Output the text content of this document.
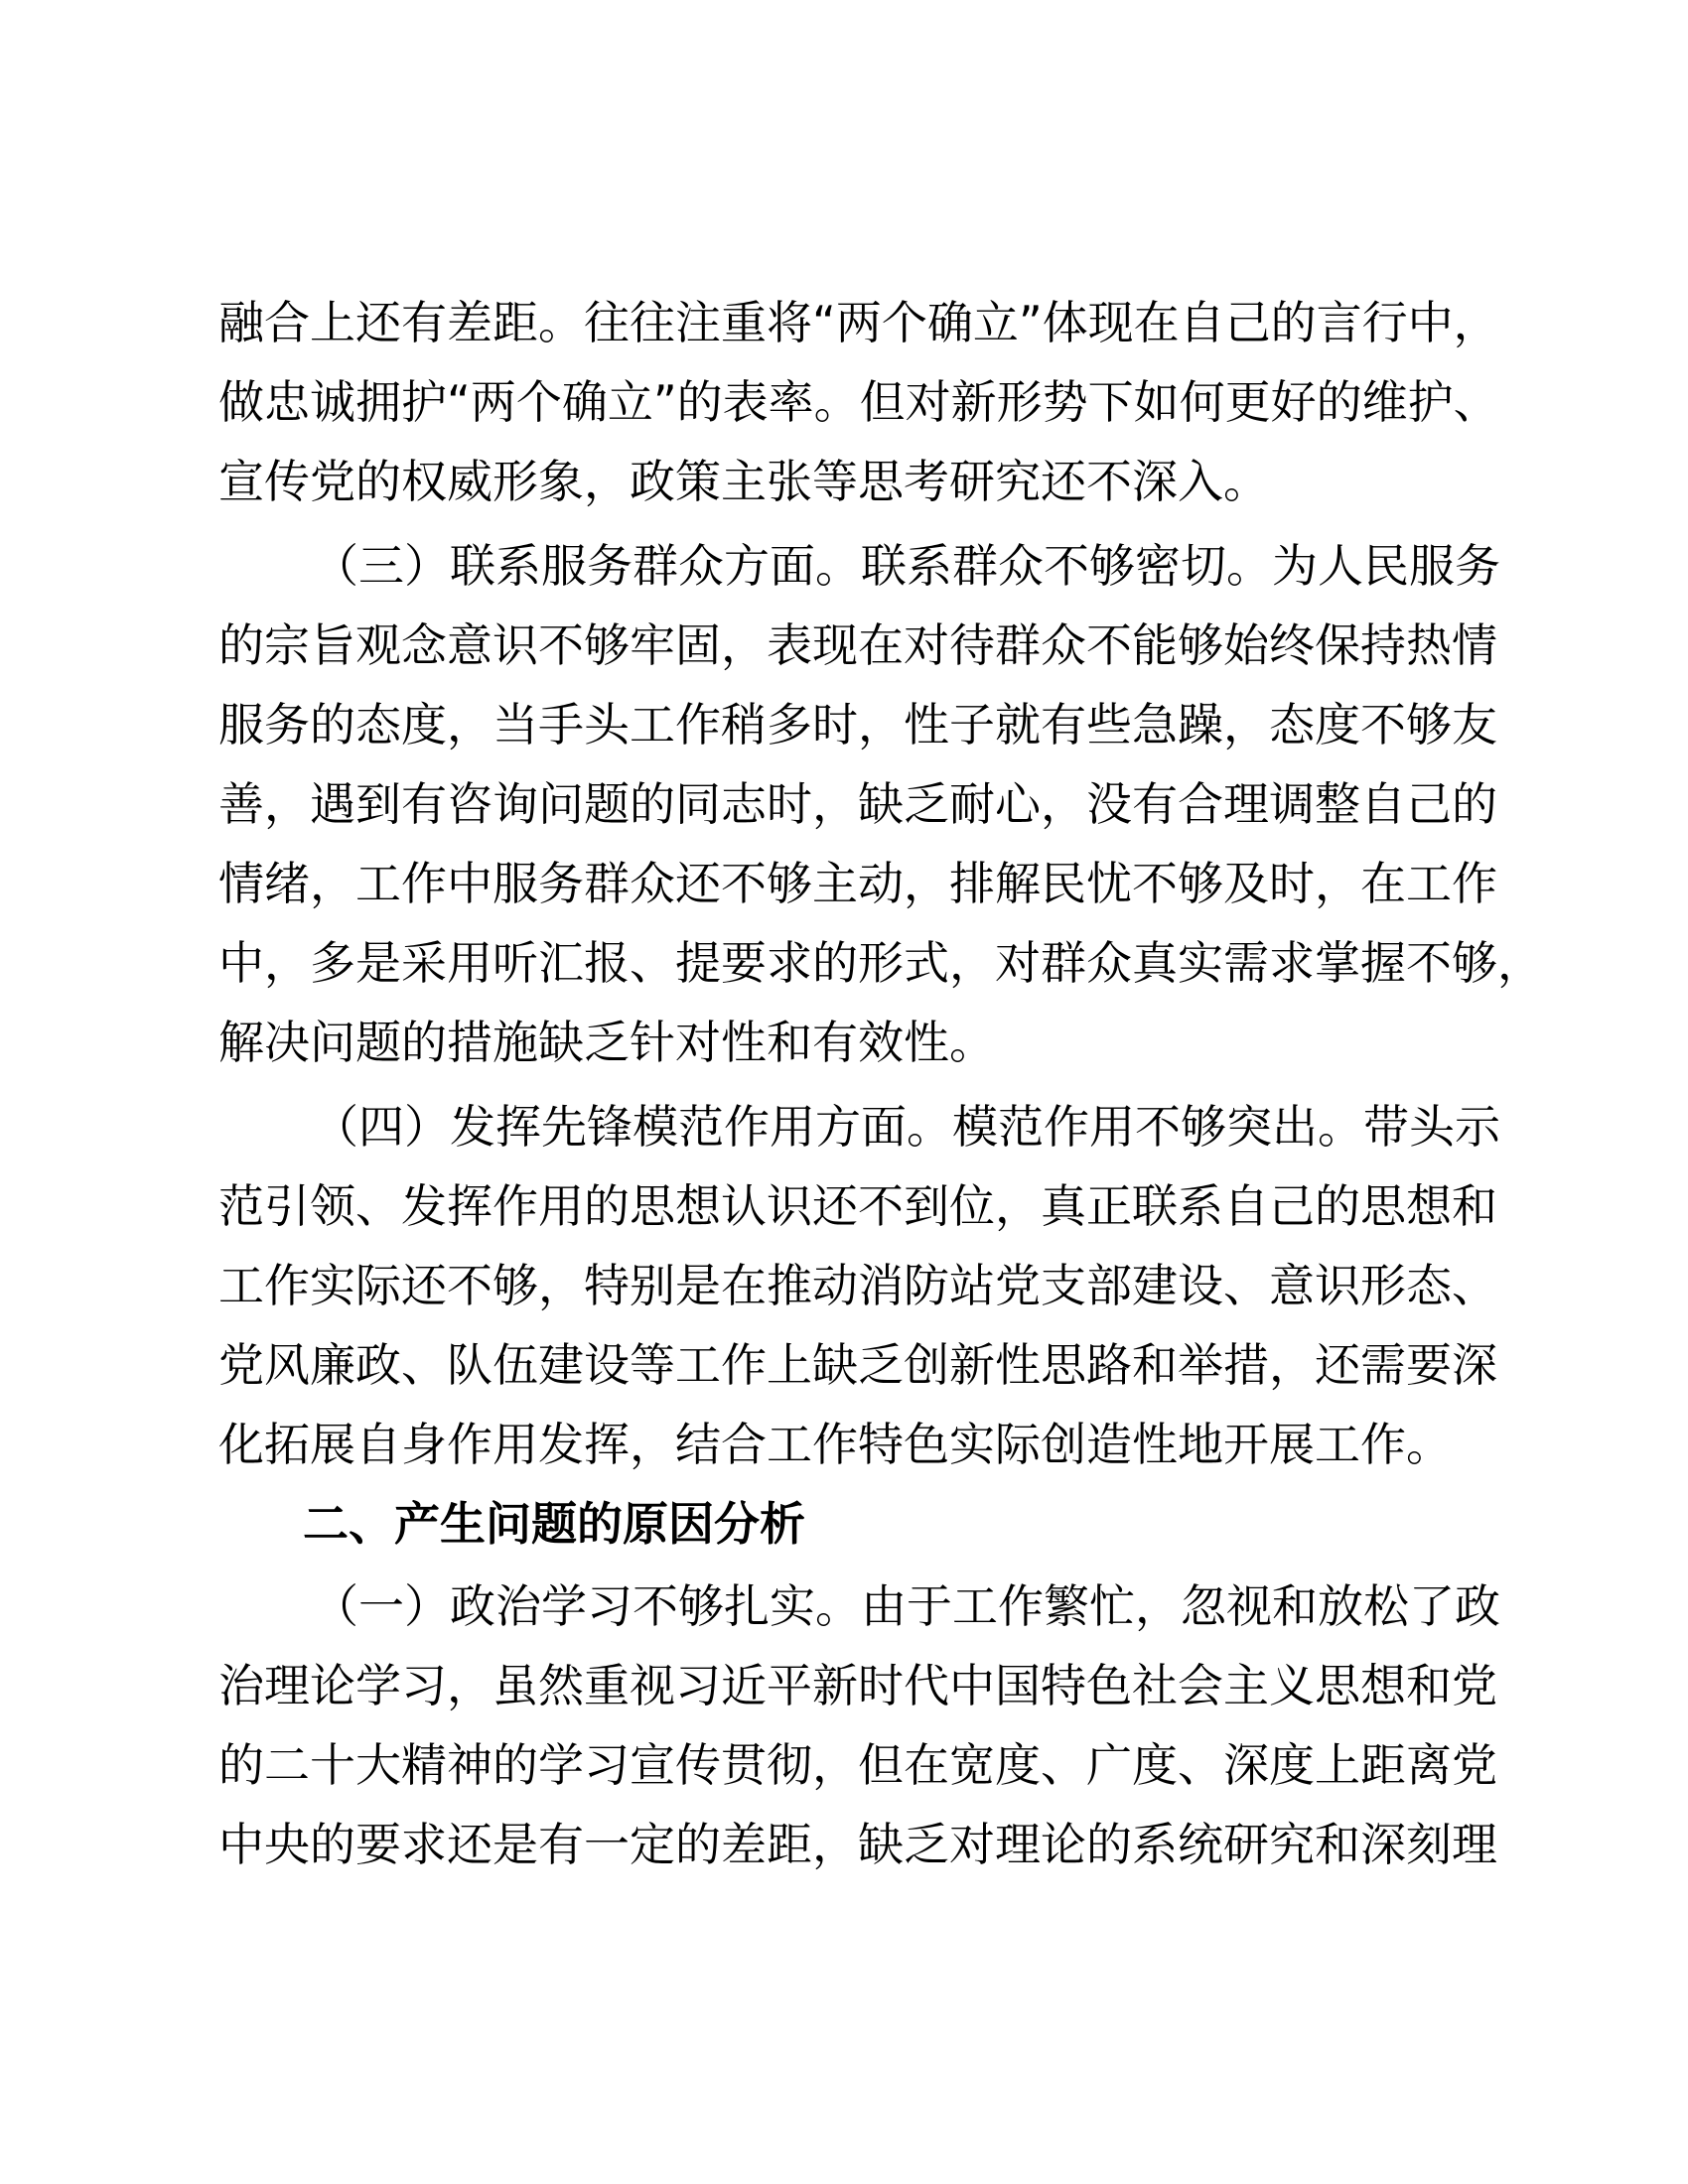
融合上还有差距。往往注重将“两个确立”体现在自己的言行中，
做忠诚拥护“两个确立”的表率。但对新形势下如何更好的维护、
宣传党的权威形象，政策主张等思考研究还不深入。
（三）联系服务群众方面。联系群众不够密切。为人民服务
的宗旨观念意识不够牢固，表现在对待群众不能够始终保持热情
服务的态度，当手头工作稍多时，性子就有些急躁，态度不够友
善，遇到有咨询问题的同志时，缺乏耐心，没有合理调整自己的
情绪，工作中服务群众还不够主动，排解民忧不够及时，在工作
中，多是采用听汇报、提要求的形式，对群众真实需求掌握不够，
解决问题的措施缺乏针对性和有效性。
（四）发挥先锋模范作用方面。模范作用不够突出。带头示
范引领、发挥作用的思想认识还不到位，真正联系自己的思想和
工作实际还不够，特别是在推动消防站党支部建设、意识形态、
党风廉政、队伍建设等工作上缺乏创新性思路和举措，还需要深
化拓展自身作用发挥，结合工作特色实际创造性地开展工作。
二、产生问题的原因分析
（一）政治学习不够扎实。由于工作繁忙，忽视和放松了政
治理论学习，虽然重视习近平新时代中国特色社会主义思想和党
的二十大精神的学习宣传贯彻，但在宽度、广度、深度上距离党
中央的要求还是有一定的差距，缺乏对理论的系统研究和深刻理
